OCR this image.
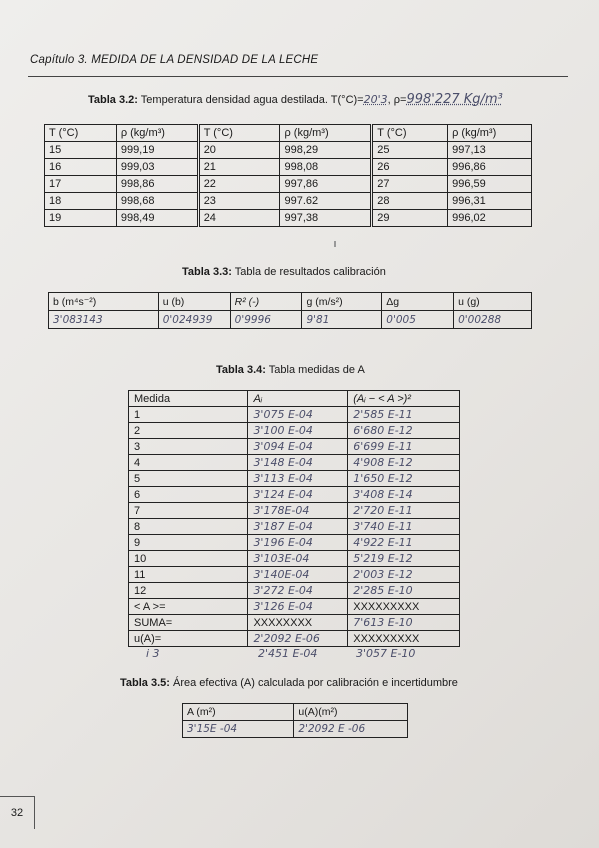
Capítulo 3. MEDIDA DE LA DENSIDAD DE LA LECHE
Tabla 3.2: Temperatura densidad agua destilada. T(°C)=20'3, ρ=998'227 Kg/m³
T (°C)	ρ (kg/m³)	T (°C)	ρ (kg/m³)	T (°C)	ρ (kg/m³)
15	999,19	20	998,29	25	997,13
16	999,03	21	998,08	26	996,86
17	998,86	22	997,86	27	996,59
18	998,68	23	997.62	28	996,31
19	998,49	24	997,38	29	996,02
Tabla 3.3: Tabla de resultados calibración
b (m⁴s⁻²)	u (b)	R² (-)	g (m/s²)	Δg	u (g)
3'083143	0'024939	0'9996	9'81	0'005	0'00288
Tabla 3.4: Tabla medidas de A
Medida	Aᵢ	(Aᵢ − < A >)²
1	3'075 E-04	2'585 E-11
2	3'100 E-04	6'680 E-12
3	3'094 E-04	6'699 E-11
4	3'148 E-04	4'908 E-12
5	3'113 E-04	1'650 E-12
6	3'124 E-04	3'408 E-14
7	3'178E-04	2'720 E-11
8	3'187 E-04	3'740 E-11
9	3'196 E-04	4'922 E-11
10	3'103E-04	5'219 E-12
11	3'140E-04	2'003 E-12
12	3'272 E-04	2'285 E-10
< A >=	3'126 E-04	XXXXXXXXX
SUMA=	XXXXXXXX	7'613 E-10
u(A)=	2'2092 E-06	XXXXXXXXX
i 3	2'451 E-04	3'057 E-10
Tabla 3.5: Área efectiva (A) calculada por calibración e incertidumbre
A (m²)	u(A)(m²)
3'15E -04	2'2092 E -06
32
